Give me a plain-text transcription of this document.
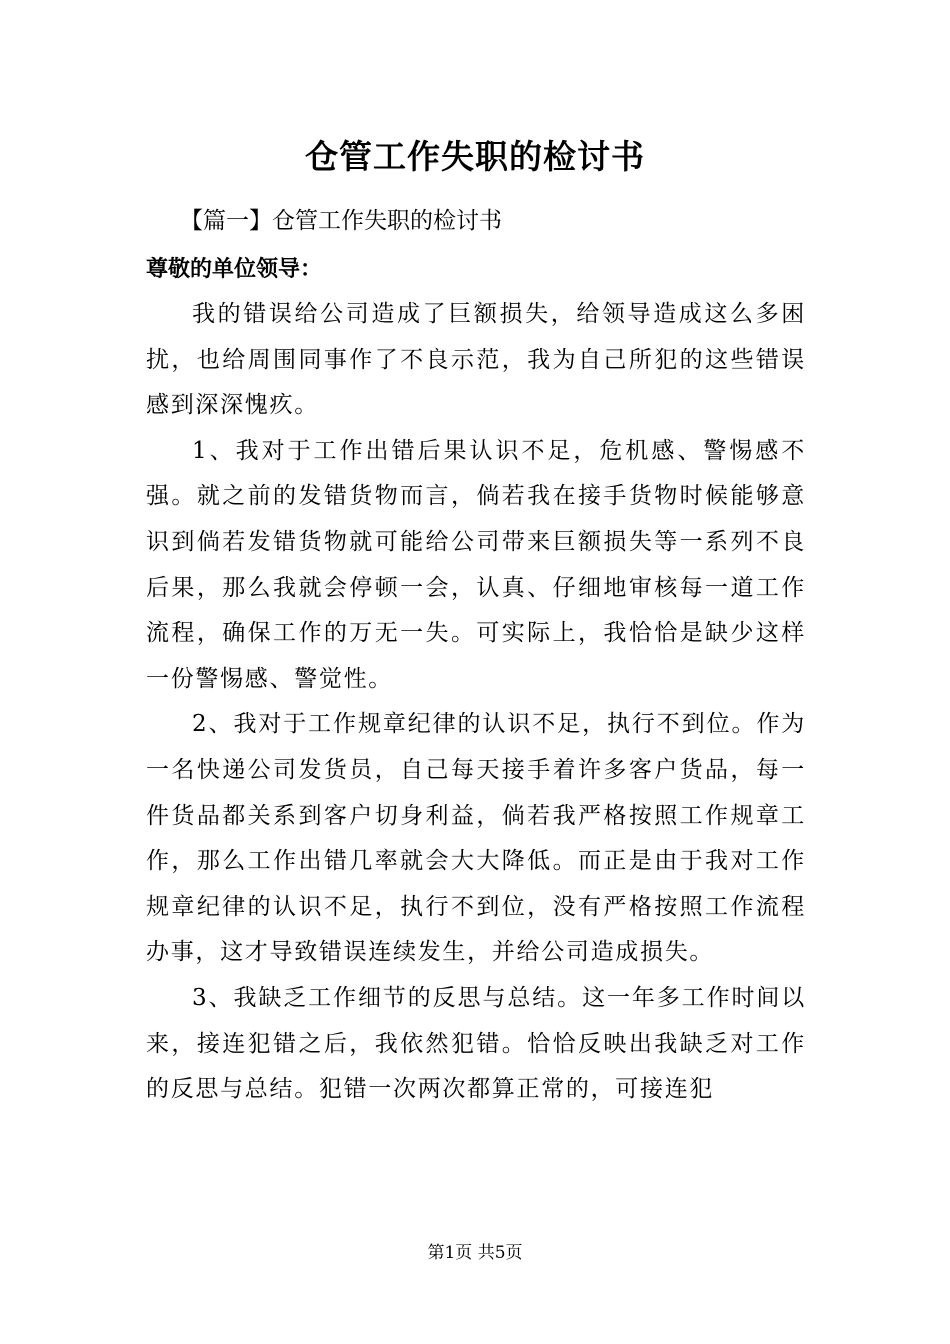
仓管工作失职的检讨书
【篇一】仓管工作失职的检讨书
尊敬的单位领导：

我的错误给公司造成了巨额损失，给领导造成这么多困扰，也给周围同事作了不良示范，我为自己所犯的这些错误感到深深愧疚。

1、我对于工作出错后果认识不足，危机感、警惕感不强。就之前的发错货物而言，倘若我在接手货物时候能够意识到倘若发错货物就可能给公司带来巨额损失等一系列不良后果，那么我就会停顿一会，认真、仔细地审核每一道工作流程，确保工作的万无一失。可实际上，我恰恰是缺少这样一份警惕感、警觉性。

2、我对于工作规章纪律的认识不足，执行不到位。作为一名快递公司发货员，自己每天接手着许多客户货品，每一件货品都关系到客户切身利益，倘若我严格按照工作规章工作，那么工作出错几率就会大大降低。而正是由于我对工作规章纪律的认识不足，执行不到位，没有严格按照工作流程办事，这才导致错误连续发生，并给公司造成损失。

3、我缺乏工作细节的反思与总结。这一年多工作时间以来，接连犯错之后，我依然犯错。恰恰反映出我缺乏对工作的反思与总结。犯错一次两次都算正常的，可接连犯

第1页 共5页
